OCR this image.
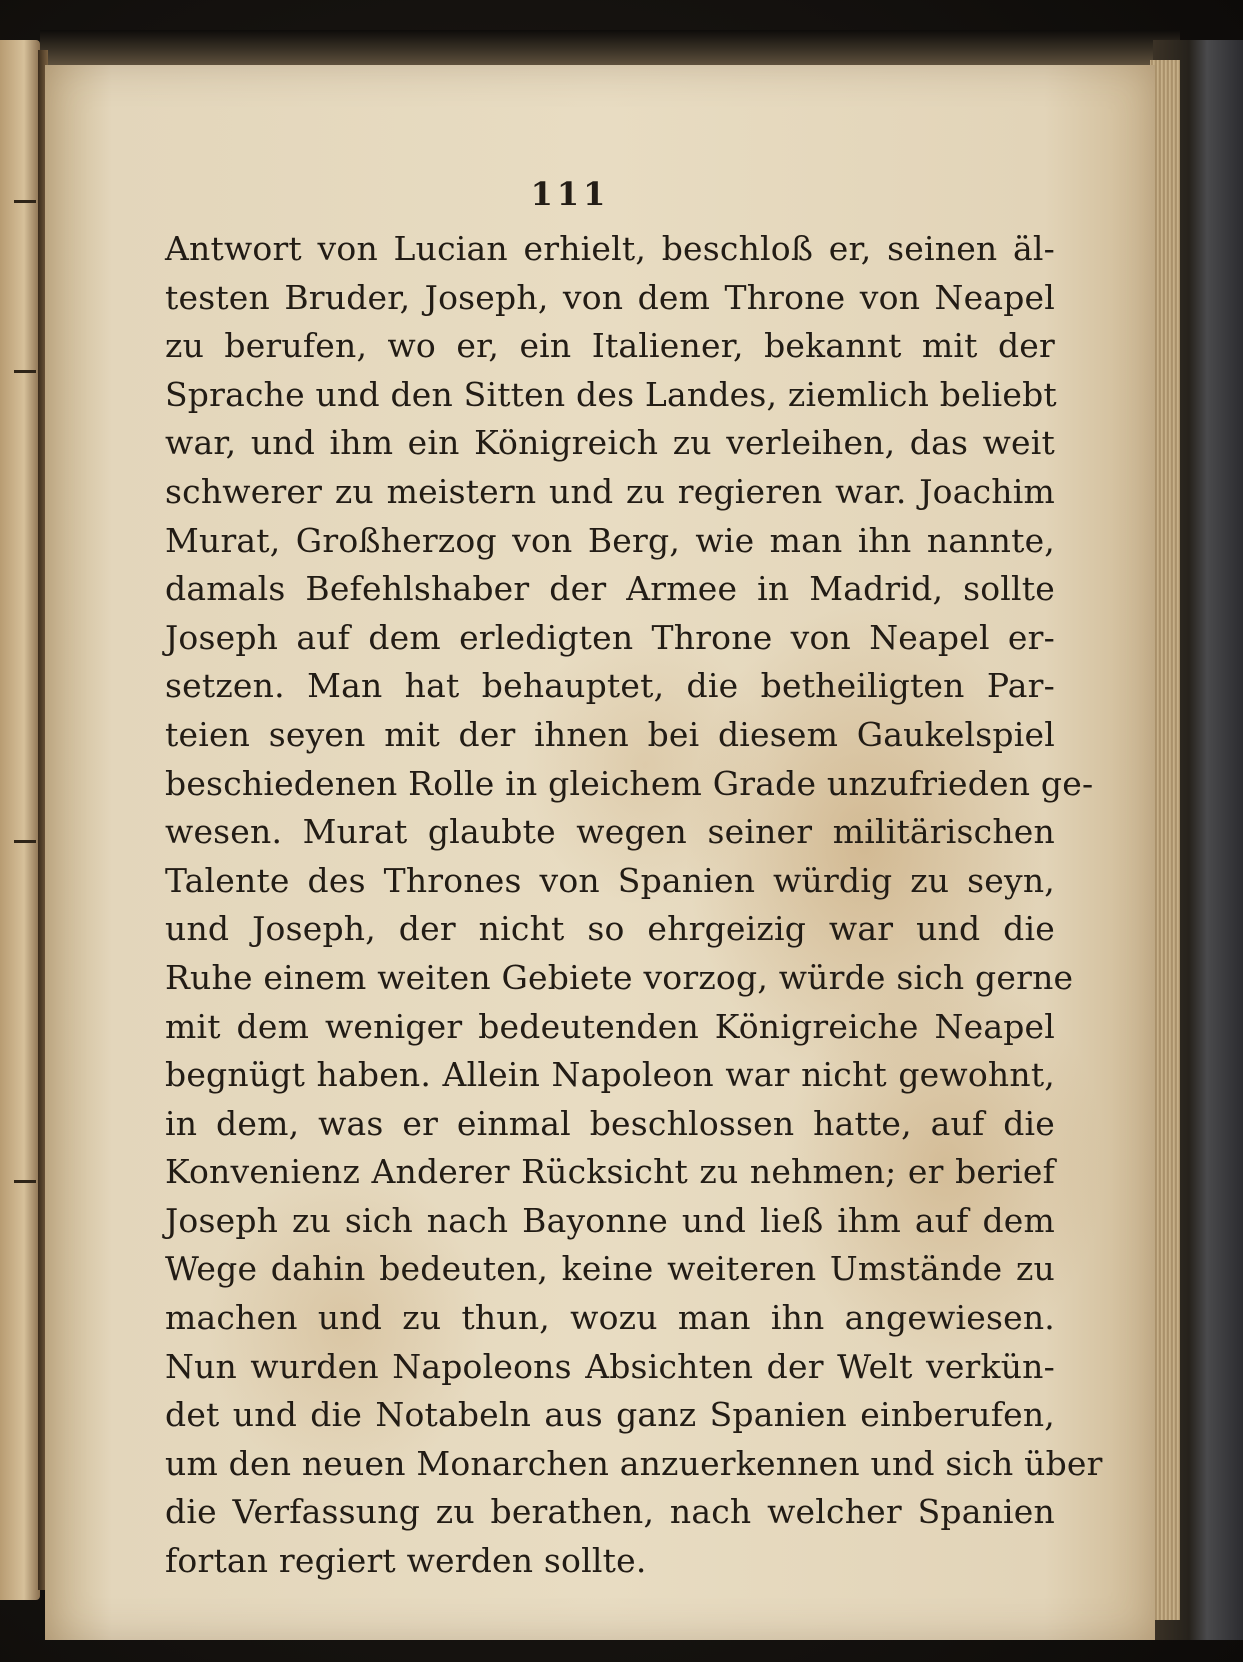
111
Antwort von Lucian erhielt, beschloß er, seinen äl-
testen Bruder, Joseph, von dem Throne von Neapel
zu berufen, wo er, ein Italiener, bekannt mit der
Sprache und den Sitten des Landes, ziemlich beliebt
war, und ihm ein Königreich zu verleihen, das weit
schwerer zu meistern und zu regieren war. Joachim
Murat, Großherzog von Berg, wie man ihn nannte,
damals Befehlshaber der Armee in Madrid, sollte
Joseph auf dem erledigten Throne von Neapel er-
setzen. Man hat behauptet, die betheiligten Par-
teien seyen mit der ihnen bei diesem Gaukelspiel
beschiedenen Rolle in gleichem Grade unzufrieden ge-
wesen. Murat glaubte wegen seiner militärischen
Talente des Thrones von Spanien würdig zu seyn,
und Joseph, der nicht so ehrgeizig war und die
Ruhe einem weiten Gebiete vorzog, würde sich gerne
mit dem weniger bedeutenden Königreiche Neapel
begnügt haben. Allein Napoleon war nicht gewohnt,
in dem, was er einmal beschlossen hatte, auf die
Konvenienz Anderer Rücksicht zu nehmen; er berief
Joseph zu sich nach Bayonne und ließ ihm auf dem
Wege dahin bedeuten, keine weiteren Umstände zu
machen und zu thun, wozu man ihn angewiesen.
Nun wurden Napoleons Absichten der Welt verkün-
det und die Notabeln aus ganz Spanien einberufen,
um den neuen Monarchen anzuerkennen und sich über
die Verfassung zu berathen, nach welcher Spanien
fortan regiert werden sollte.
